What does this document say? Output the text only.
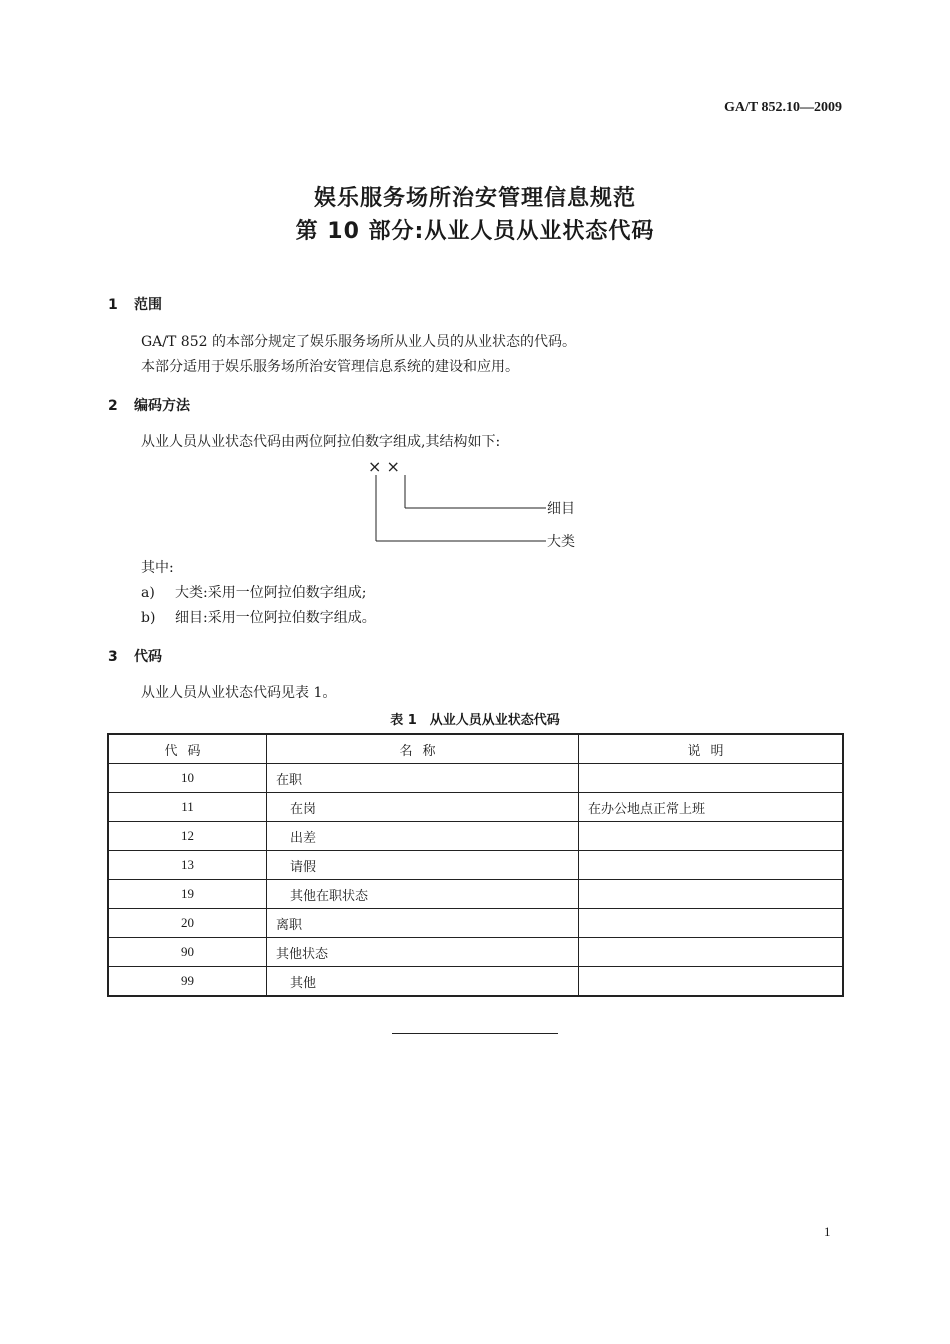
GA/T 852.10—2009
娱乐服务场所治安管理信息规范
第 10 部分:从业人员从业状态代码
1 范围
GA/T 852 的本部分规定了娱乐服务场所从业人员的从业状态的代码。
本部分适用于娱乐服务场所治安管理信息系统的建设和应用。
2 编码方法
从业人员从业状态代码由两位阿拉伯数字组成,其结构如下:
× ×
细目
大类
其中:
a) 大类:采用一位阿拉伯数字组成;
b) 细目:采用一位阿拉伯数字组成。
3 代码
从业人员从业状态代码见表 1。
表 1　从业人员从业状态代码
代码	名称	说明
10	在职	
11	在岗	在办公地点正常上班
12	出差	
13	请假	
19	其他在职状态	
20	离职	
90	其他状态	
99	其他	
1
